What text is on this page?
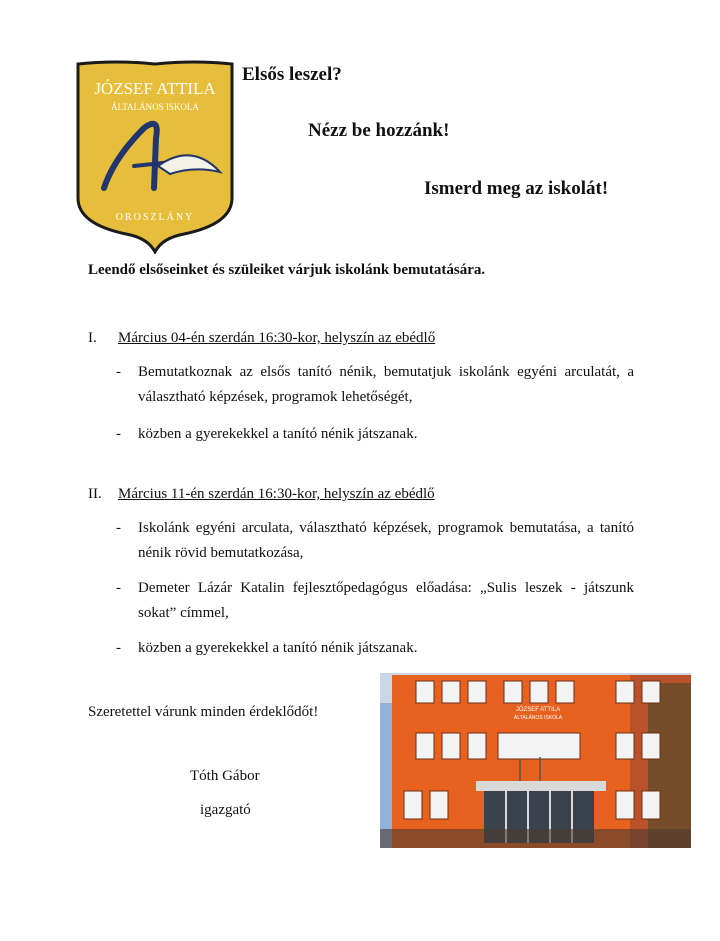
JÓZSEF ATTILA
ÁLTALÁNOS ISKOLA
OROSZLÁNY
Elsős leszel?
Nézz be hozzánk!
Ismerd meg az iskolát!
Leendő elsőseinket és szüleiket várjuk iskolánk bemutatására.
I. Március 04-én szerdán 16:30-kor, helyszín az ebédlő
- Bemutatkoznak az elsős tanító nénik, bemutatjuk iskolánk egyéni arculatát, a választható képzések, programok lehetőségét,
- közben a gyerekekkel a tanító nénik játszanak.
II. Március 11-én szerdán 16:30-kor, helyszín az ebédlő
- Iskolánk egyéni arculata, választható képzések, programok bemutatása, a tanító nénik rövid bemutatkozása,
- Demeter Lázár Katalin fejlesztőpedagógus előadása: „Sulis leszek - játszunk sokat” címmel,
- közben a gyerekekkel a tanító nénik játszanak.
Szeretettel várunk minden érdeklődőt!
Tóth Gábor
igazgató
JÓZSEF ATTILA
ÁLTALÁNOS ISKOLA
